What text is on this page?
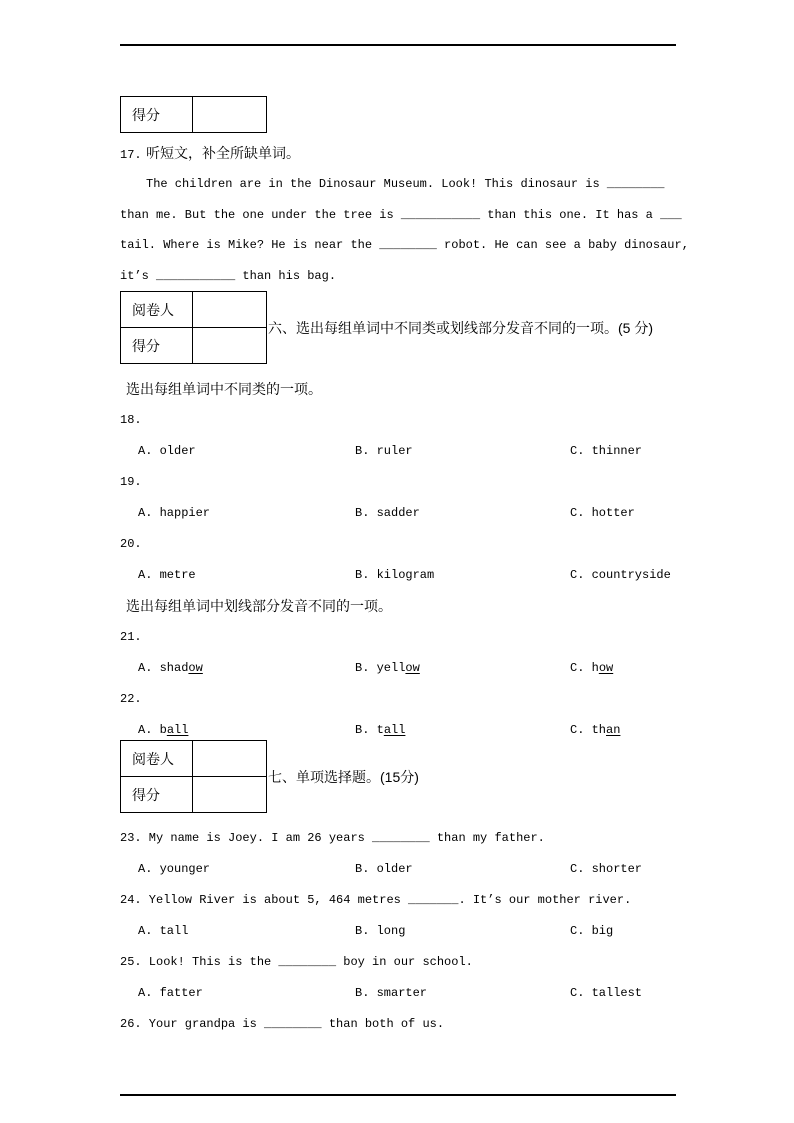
得分
17. 听短文，补全所缺单词。
The children are in the Dinosaur Museum. Look! This dinosaur is ________
than me. But the one under the tree is ___________ than this one. It has a ___
tail. Where is Mike? He is near the ________ robot. He can see a baby dinosaur,
it’s ___________ than his bag.
阅卷人
得分
六、选出每组单词中不同类或划线部分发音不同的一项。(5 分)
选出每组单词中不同类的一项。
18.
A. older	B. ruler	C. thinner
19.
A. happier	B. sadder	C. hotter
20.
A. metre	B. kilogram	C. countryside
选出每组单词中划线部分发音不同的一项。
21.
A. shadow	B. yellow	C. how
22.
A. ball	B. tall	C. than
阅卷人
得分
七、单项选择题。(15分)
23. My name is Joey. I am 26 years ________ than my father.
A. younger	B. older	C. shorter
24. Yellow River is about 5, 464 metres _______. It’s our mother river.
A. tall	B. long	C. big
25. Look! This is the ________ boy in our school.
A. fatter	B. smarter	C. tallest
26. Your grandpa is ________ than both of us.
